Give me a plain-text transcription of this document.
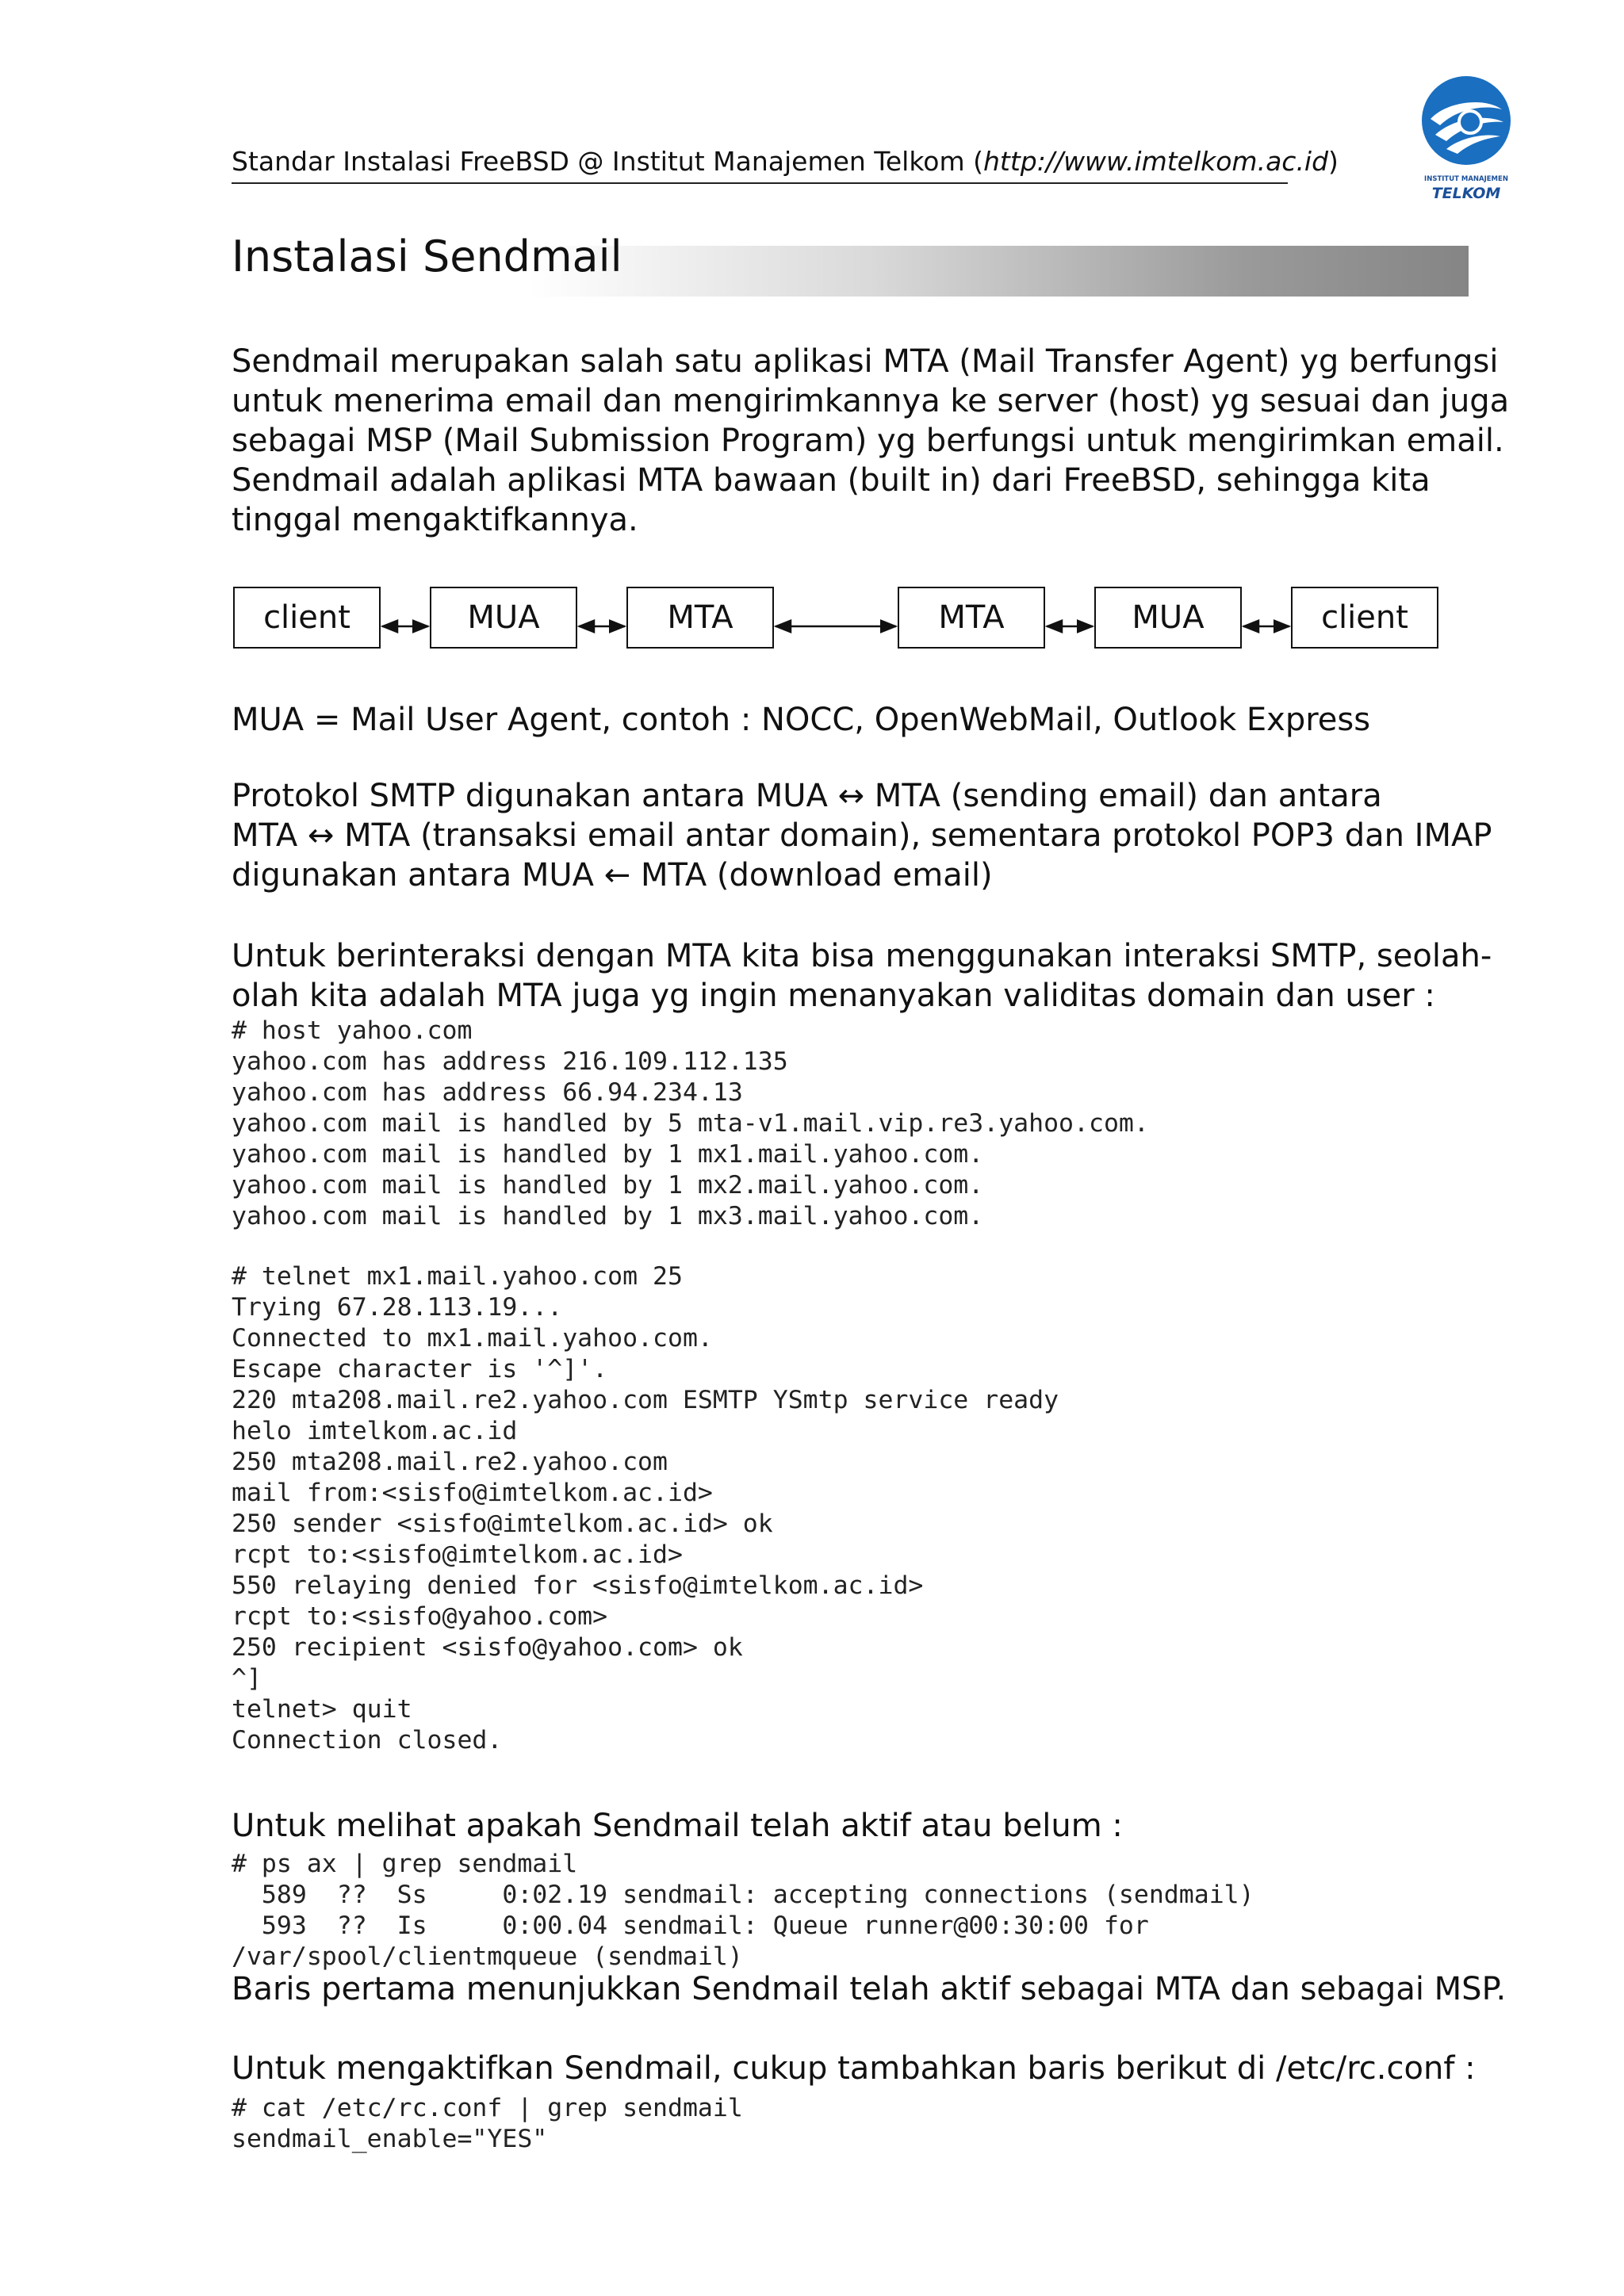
Standar Instalasi FreeBSD @ Institut Manajemen Telkom (http://www.imtelkom.ac.id)
INSTITUT MANAJEMEN
TELKOM
Instalasi Sendmail
Sendmail merupakan salah satu aplikasi MTA (Mail Transfer Agent) yg berfungsi
untuk menerima email dan mengirimkannya ke server (host) yg sesuai dan juga
sebagai MSP (Mail Submission Program) yg berfungsi untuk mengirimkan email.
Sendmail adalah aplikasi MTA bawaan (built in) dari FreeBSD, sehingga kita
tinggal mengaktifkannya.
client	MUA	MTA	MTA	MUA	client
MUA = Mail User Agent, contoh : NOCC, OpenWebMail, Outlook Express
Protokol SMTP digunakan antara MUA ↔ MTA (sending email) dan antara
MTA ↔ MTA (transaksi email antar domain), sementara protokol POP3 dan IMAP
digunakan antara MUA ← MTA (download email)
Untuk berinteraksi dengan MTA kita bisa menggunakan interaksi SMTP, seolah-
olah kita adalah MTA juga yg ingin menanyakan validitas domain dan user :
# host yahoo.com
yahoo.com has address 216.109.112.135
yahoo.com has address 66.94.234.13
yahoo.com mail is handled by 5 mta-v1.mail.vip.re3.yahoo.com.
yahoo.com mail is handled by 1 mx1.mail.yahoo.com.
yahoo.com mail is handled by 1 mx2.mail.yahoo.com.
yahoo.com mail is handled by 1 mx3.mail.yahoo.com.
# telnet mx1.mail.yahoo.com 25
Trying 67.28.113.19...
Connected to mx1.mail.yahoo.com.
Escape character is '^]'.
220 mta208.mail.re2.yahoo.com ESMTP YSmtp service ready
helo imtelkom.ac.id
250 mta208.mail.re2.yahoo.com
mail from:<sisfo@imtelkom.ac.id>
250 sender <sisfo@imtelkom.ac.id> ok
rcpt to:<sisfo@imtelkom.ac.id>
550 relaying denied for <sisfo@imtelkom.ac.id>
rcpt to:<sisfo@yahoo.com>
250 recipient <sisfo@yahoo.com> ok
^]
telnet> quit
Connection closed.
Untuk melihat apakah Sendmail telah aktif atau belum :
# ps ax | grep sendmail
589  ??  Ss     0:02.19 sendmail: accepting connections (sendmail)
593  ??  Is     0:00.04 sendmail: Queue runner@00:30:00 for
/var/spool/clientmqueue (sendmail)
Baris pertama menunjukkan Sendmail telah aktif sebagai MTA dan sebagai MSP.
Untuk mengaktifkan Sendmail, cukup tambahkan baris berikut di /etc/rc.conf :
# cat /etc/rc.conf | grep sendmail
sendmail_enable="YES"
